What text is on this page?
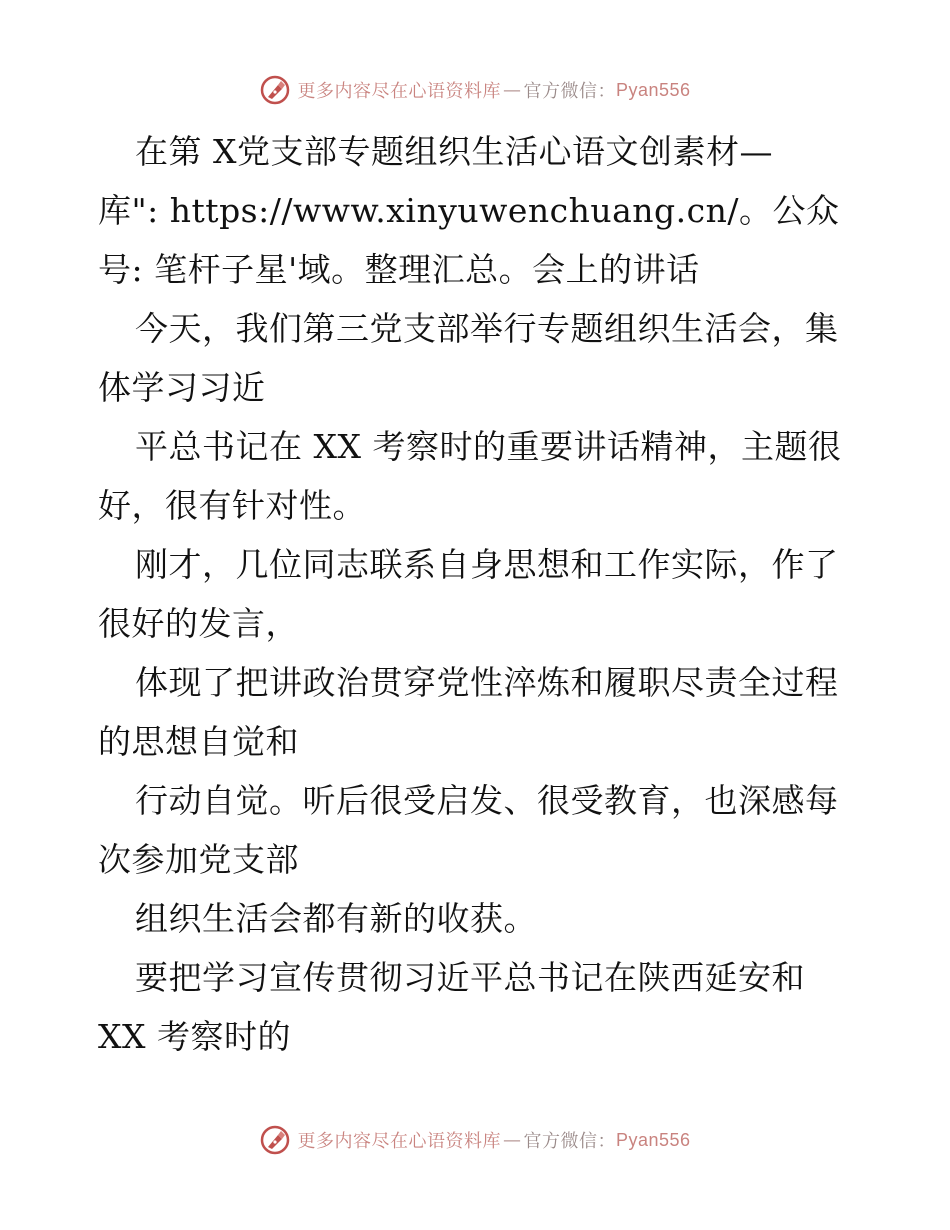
更多内容尽在心语资料库 — 官方微信： Pyan556
在第 X党支部专题组织生活心语文创素材—
库": https://www.xinyuwenchuang.cn/。公众
号: 笔杆子星'域。整理汇总。会上的讲话
今天，我们第三党支部举行专题组织生活会，集
体学习习近
平总书记在 XX 考察时的重要讲话精神，主题很
好，很有针对性。
刚才，几位同志联系自身思想和工作实际，作了
很好的发言，
体现了把讲政治贯穿党性淬炼和履职尽责全过程
的思想自觉和
行动自觉。听后很受启发、很受教育，也深感每
次参加党支部
组织生活会都有新的收获。
要把学习宣传贯彻习近平总书记在陕西延安和
XX 考察时的
更多内容尽在心语资料库 — 官方微信： Pyan556
